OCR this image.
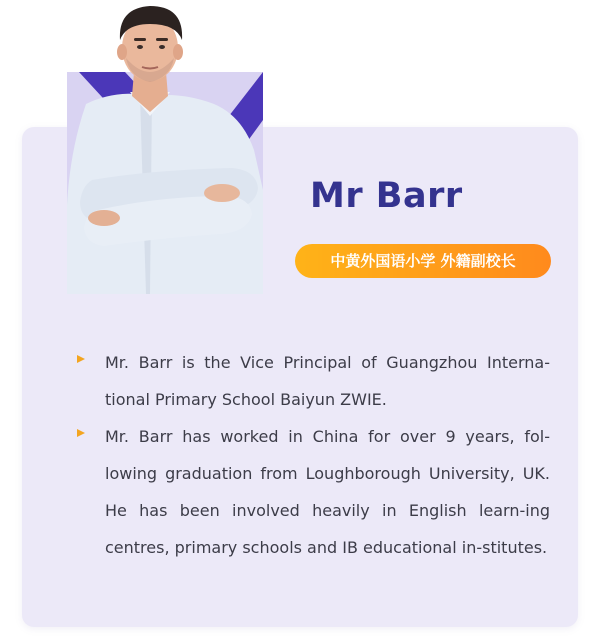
Mr Barr
中黄外国语小学 外籍副校长

Mr. Barr is the Vice Principal of Guangzhou Interna-tional Primary School Baiyun ZWIE.

Mr. Barr has worked in China for over 9 years, fol-lowing graduation from Loughborough University, UK. He has been involved heavily in English learn-ing centres, primary schools and IB educational in-stitutes.
